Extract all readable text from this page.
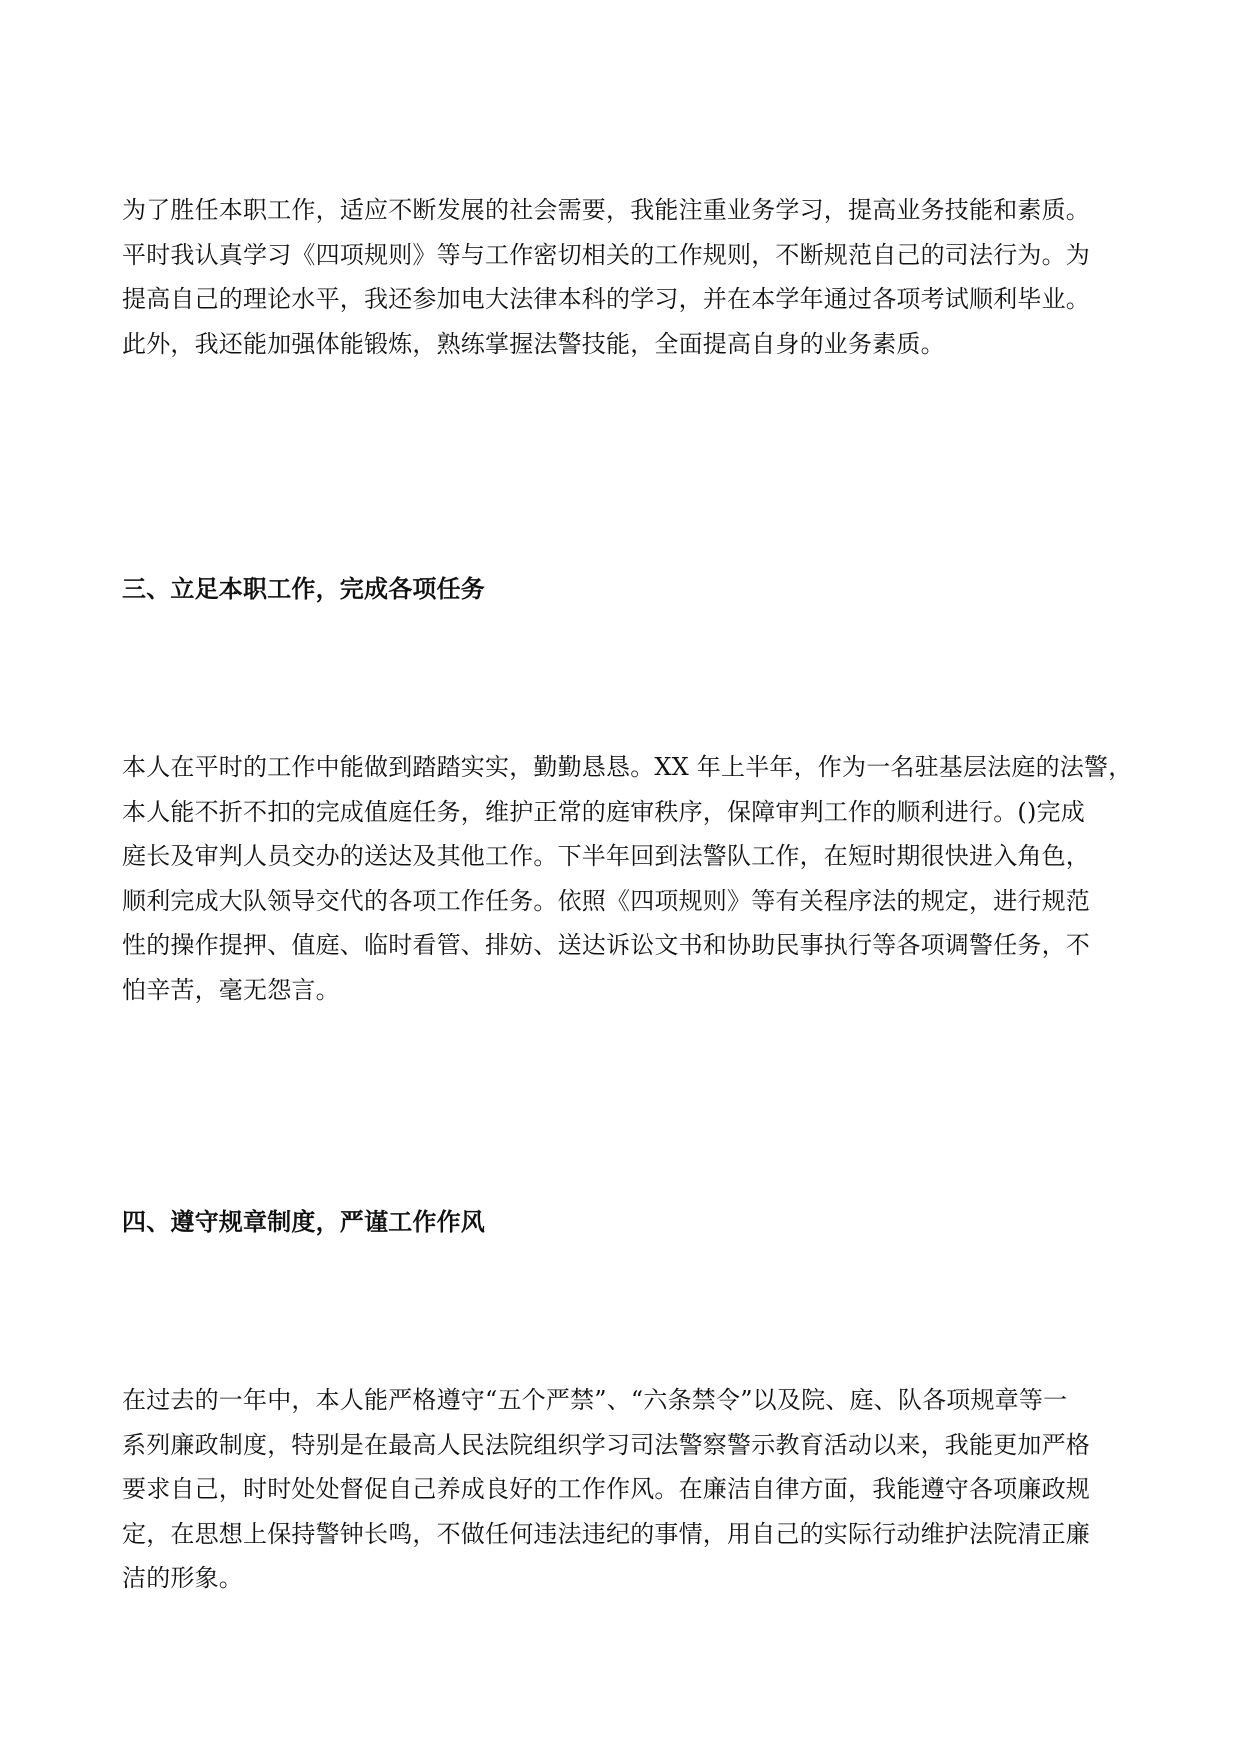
为了胜任本职工作，适应不断发展的社会需要，我能注重业务学习，提高业务技能和素质。
平时我认真学习《四项规则》等与工作密切相关的工作规则，不断规范自己的司法行为。为
提高自己的理论水平，我还参加电大法律本科的学习，并在本学年通过各项考试顺利毕业。
此外，我还能加强体能锻炼，熟练掌握法警技能，全面提高自身的业务素质。

三、立足本职工作，完成各项任务

本人在平时的工作中能做到踏踏实实，勤勤恳恳。XX 年上半年，作为一名驻基层法庭的法警，
本人能不折不扣的完成值庭任务，维护正常的庭审秩序，保障审判工作的顺利进行。()完成
庭长及审判人员交办的送达及其他工作。下半年回到法警队工作，在短时期很快进入角色，
顺利完成大队领导交代的各项工作任务。依照《四项规则》等有关程序法的规定，进行规范
性的操作提押、值庭、临时看管、排妨、送达诉讼文书和协助民事执行等各项调警任务，不
怕辛苦，毫无怨言。

四、遵守规章制度，严谨工作作风

在过去的一年中，本人能严格遵守“五个严禁”、“六条禁令”以及院、庭、队各项规章等一
系列廉政制度，特别是在最高人民法院组织学习司法警察警示教育活动以来，我能更加严格
要求自己，时时处处督促自己养成良好的工作作风。在廉洁自律方面，我能遵守各项廉政规
定，在思想上保持警钟长鸣，不做任何违法违纪的事情，用自己的实际行动维护法院清正廉
洁的形象。
